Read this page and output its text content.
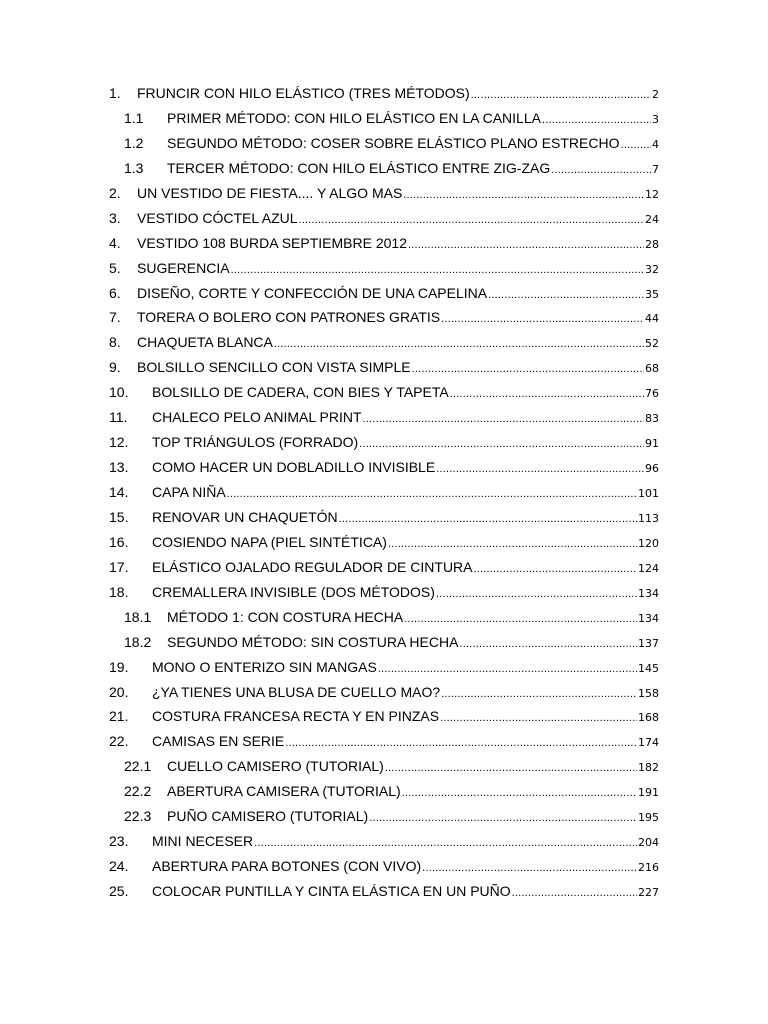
1.	FRUNCIR CON HILO ELÁSTICO (TRES MÉTODOS) .....	2
1.1	PRIMER MÉTODO: CON HILO ELÁSTICO EN LA CANILLA .....	3
1.2	SEGUNDO MÉTODO: COSER SOBRE ELÁSTICO PLANO ESTRECHO .....	4
1.3	TERCER MÉTODO: CON HILO ELÁSTICO ENTRE ZIG-ZAG .....	7
2.	UN VESTIDO DE FIESTA.... Y ALGO MAS .....	12
3.	VESTIDO CÓCTEL AZUL .....	24
4.	VESTIDO 108 BURDA SEPTIEMBRE 2012 .....	28
5.	SUGERENCIA .....	32
6.	DISEÑO, CORTE Y CONFECCIÓN DE UNA CAPELINA .....	35
7.	TORERA O BOLERO CON PATRONES GRATIS .....	44
8.	CHAQUETA BLANCA .....	52
9.	BOLSILLO SENCILLO CON VISTA SIMPLE .....	68
10.	BOLSILLO DE CADERA, CON BIES Y TAPETA .....	76
11.	CHALECO PELO ANIMAL PRINT .....	83
12.	TOP TRIÁNGULOS (FORRADO) .....	91
13.	COMO HACER UN DOBLADILLO INVISIBLE .....	96
14.	CAPA NIÑA .....	101
15.	RENOVAR UN CHAQUETÓN .....	113
16.	COSIENDO NAPA (PIEL SINTÉTICA) .....	120
17.	ELÁSTICO OJALADO REGULADOR DE CINTURA .....	124
18.	CREMALLERA INVISIBLE (DOS MÉTODOS) .....	134
18.1	MÉTODO 1: CON COSTURA HECHA .....	134
18.2	SEGUNDO MÉTODO: SIN COSTURA HECHA .....	137
19.	MONO O ENTERIZO SIN MANGAS .....	145
20.	¿YA TIENES UNA BLUSA DE CUELLO MAO? .....	158
21.	COSTURA FRANCESA RECTA Y EN PINZAS .....	168
22.	CAMISAS EN SERIE .....	174
22.1	CUELLO CAMISERO (TUTORIAL) .....	182
22.2	ABERTURA CAMISERA (TUTORIAL) .....	191
22.3	PUÑO CAMISERO (TUTORIAL) .....	195
23.	MINI NECESER .....	204
24.	ABERTURA PARA BOTONES (CON VIVO) .....	216
25.	COLOCAR PUNTILLA Y CINTA ELÁSTICA EN UN PUÑO .....	227
